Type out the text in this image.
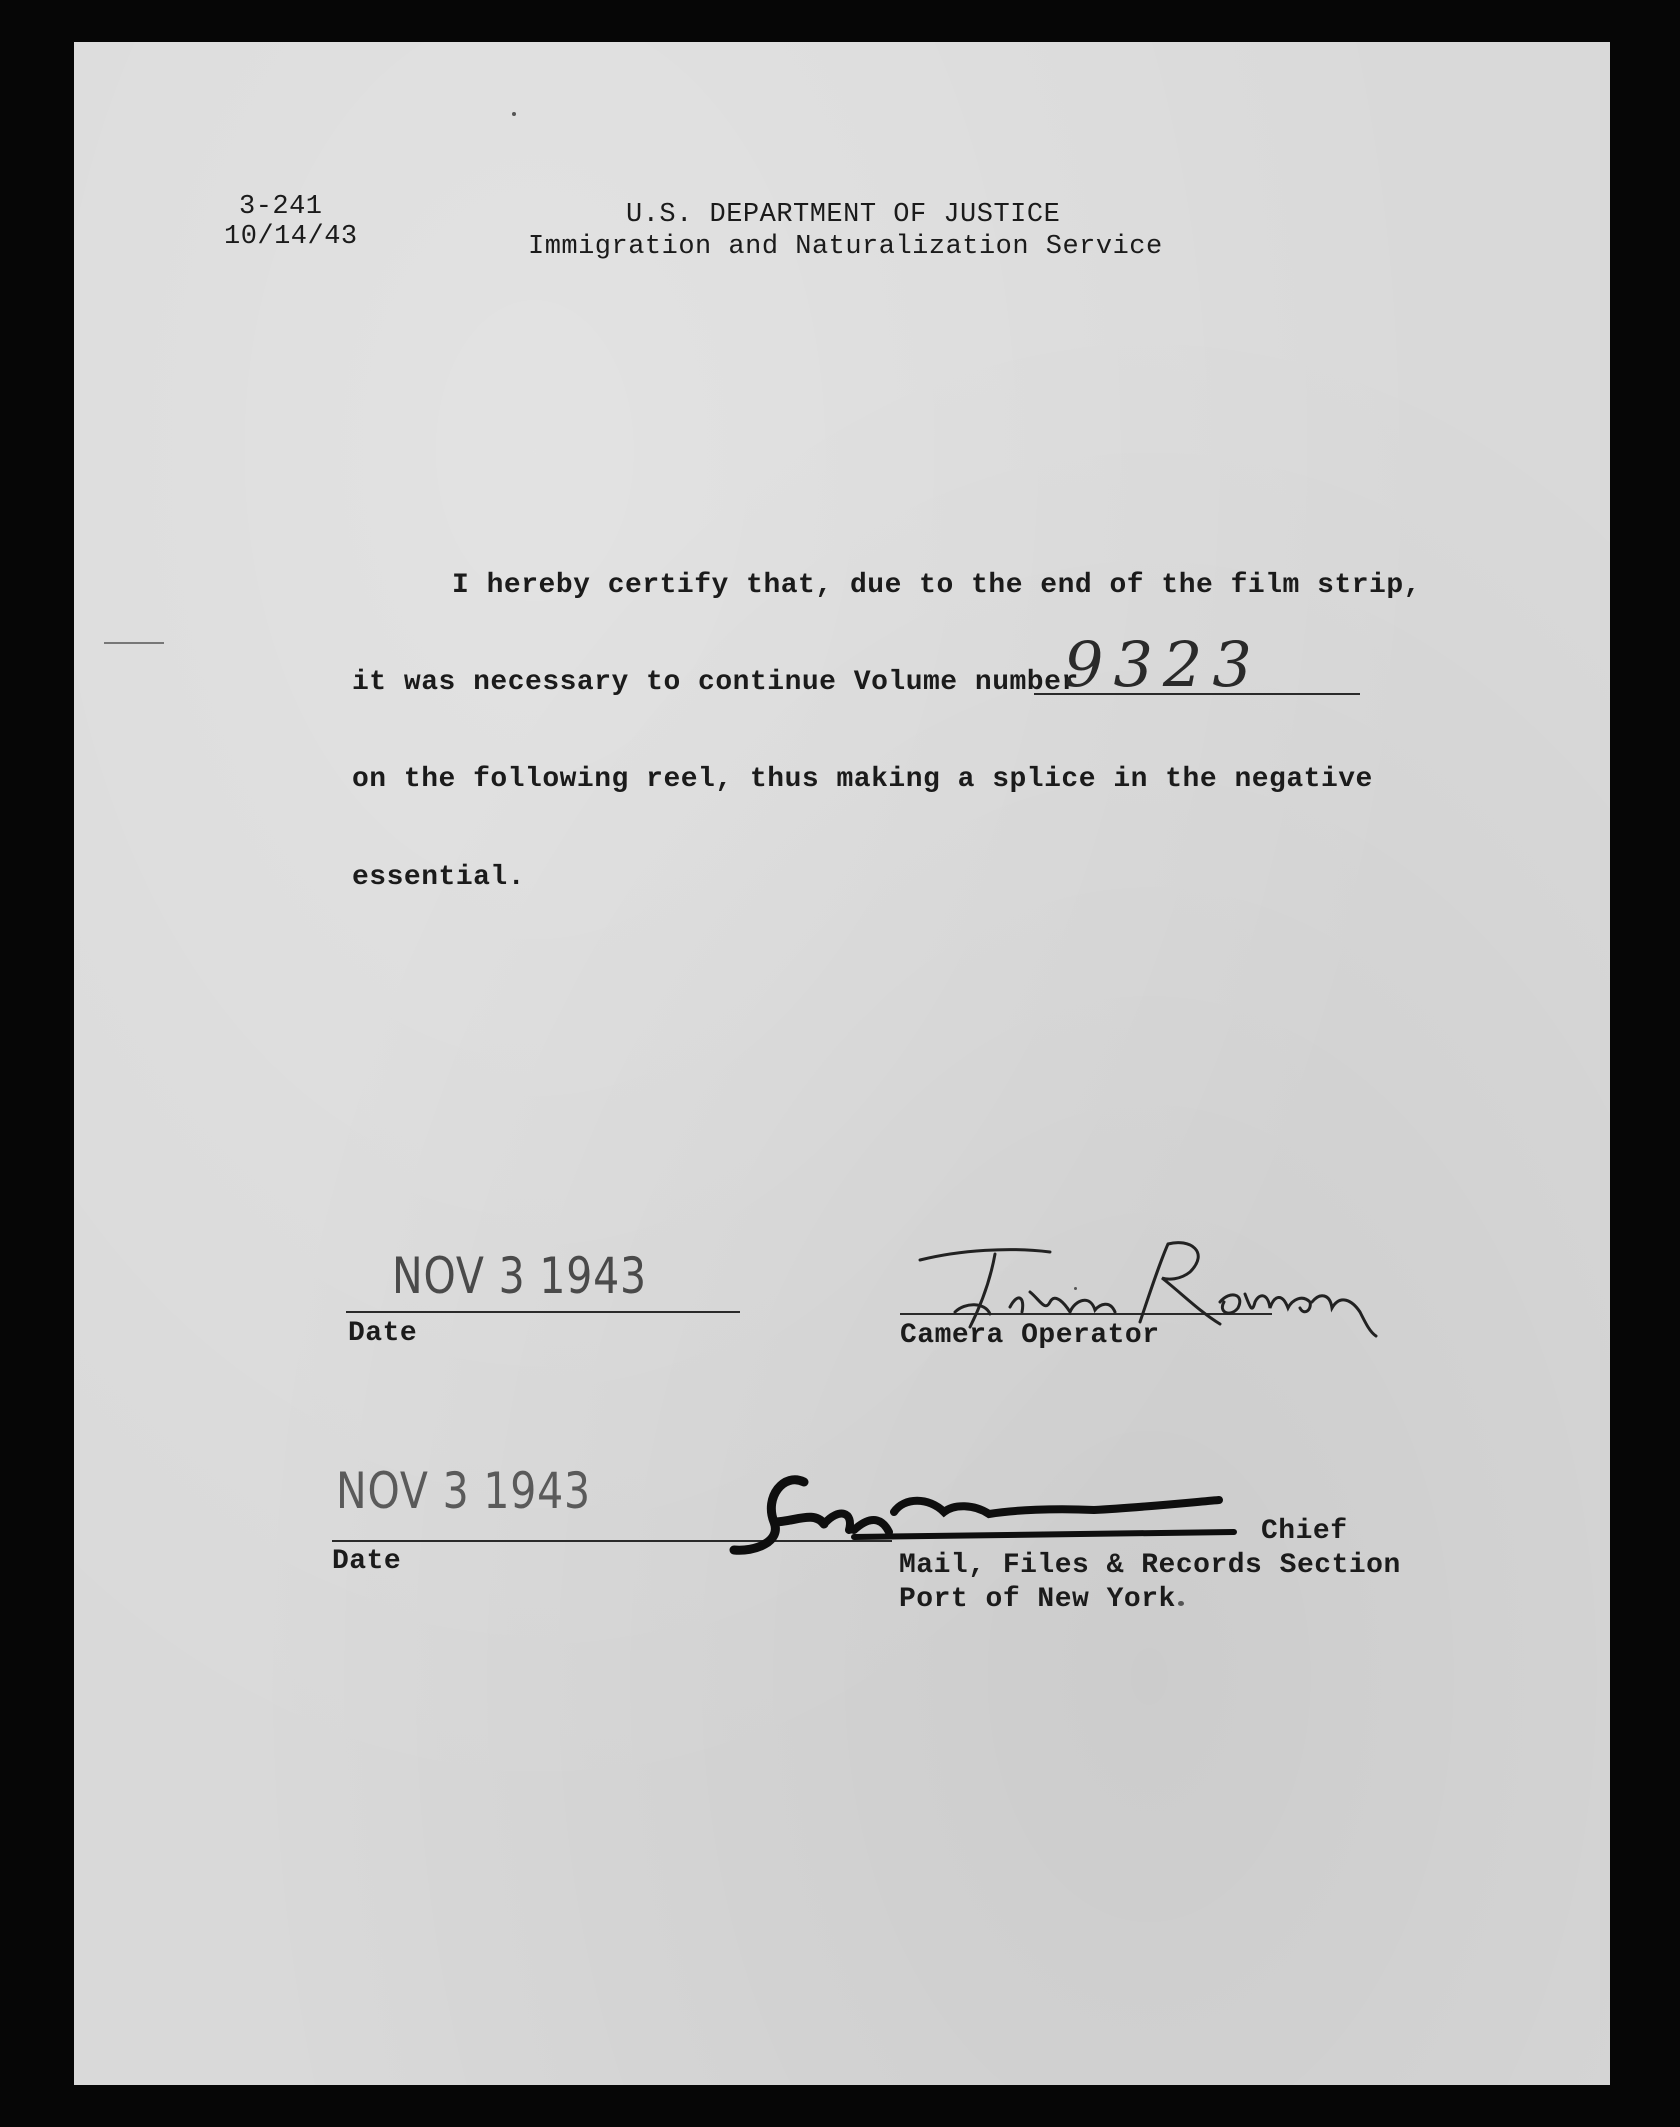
3-241
10/14/43
U.S. DEPARTMENT OF JUSTICE
Immigration and Naturalization Service
I hereby certify that, due to the end of the film strip,
it was necessary to continue Volume number
9323
on the following reel, thus making a splice in the negative
essential.
NOV 3 1943
Date	Camera Operator
NOV 3 1943
Date
Chief
Mail, Files & Records Section
Port of New York
